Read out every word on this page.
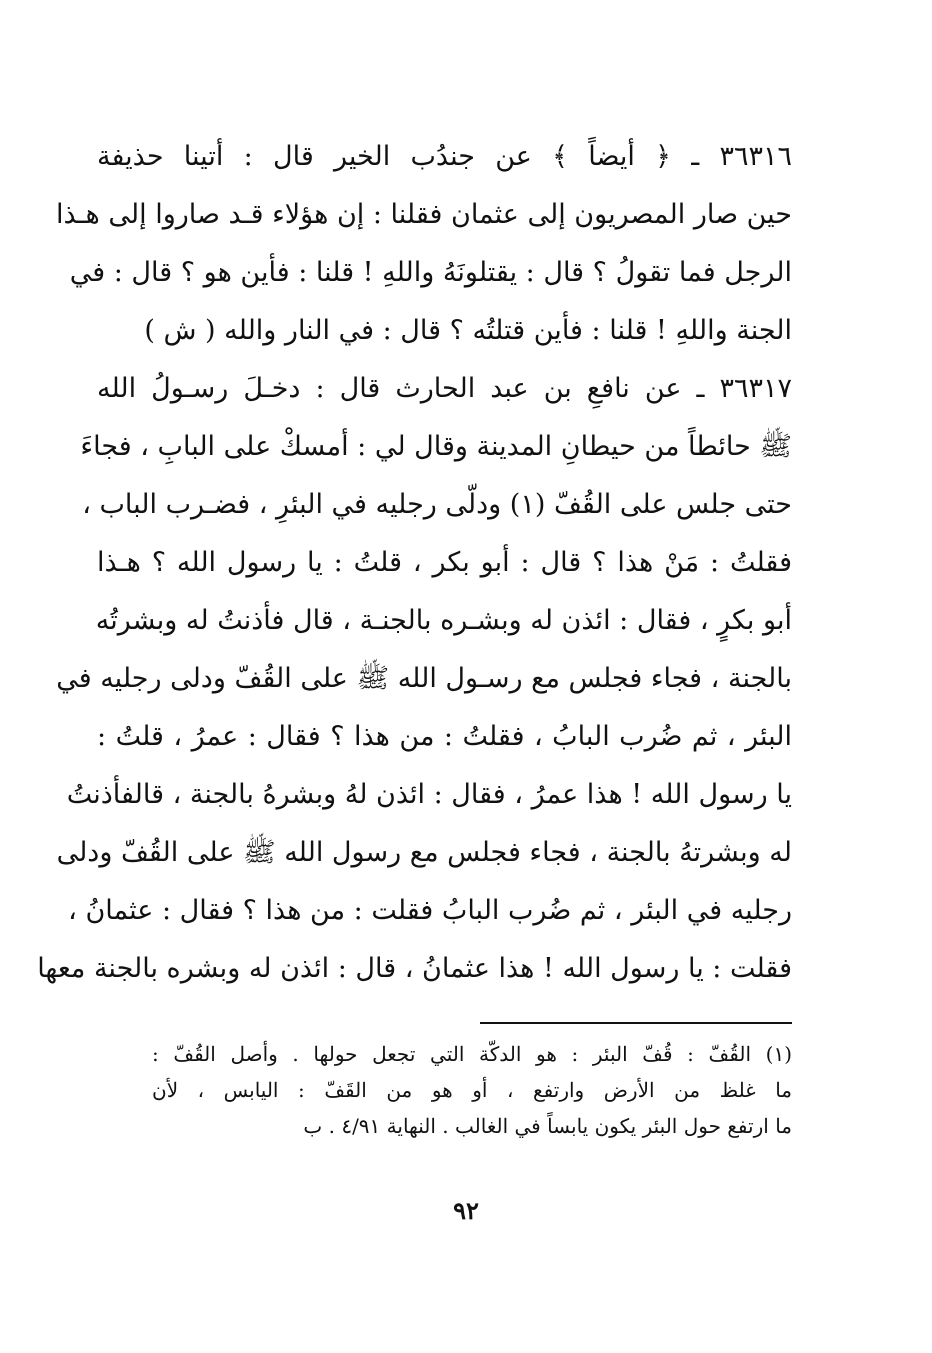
٣٦٣١٦ ـ ﴿ أيضاً ﴾ عن جندُب الخير قال : أتينا حذيفة
حين صار المصريون إلى عثمان فقلنا : إن هؤلاء قـد صاروا إلى هـذا
الرجل فما تقولُ ؟ قال : يقتلونَهُ واللهِ ! قلنا : فأين هو ؟ قال : في
الجنة واللهِ ! قلنا : فأين قتلتُه ؟ قال : في النار والله ( ش )
٣٦٣١٧ ـ عن نافعِ بن عبد الحارث قال : دخـلَ رسـولُ الله
ﷺ حائطاً من حيطانِ المدينة وقال لي : أمسكْ على البابِ ، فجاءَ
حتى جلس على القُفّ (١) ودلّى رجليه في البئرِ ، فضـرب الباب ،
فقلتُ : مَنْ هذا ؟ قال : أبو بكر ، قلتُ : يا رسول الله ؟ هـذا
أبو بكرٍ ، فقال : ائذن له وبشـره بالجنـة ، قال فأذنتُ له وبشرتُه
بالجنة ، فجاء فجلس مع رسـول الله ﷺ على القُفّ ودلى رجليه في
البئر ، ثم ضُرب البابُ ، فقلتُ : من هذا ؟ فقال : عمرُ ، قلتُ :
يا رسول الله ! هذا عمرُ ، فقال : ائذن لهُ وبشرهُ بالجنة ، قالفأذنتُ
له وبشرتهُ بالجنة ، فجاء فجلس مع رسول الله ﷺ على القُفّ ودلى
رجليه في البئر ، ثم ضُرب البابُ فقلت : من هذا ؟ فقال : عثمانُ ،
فقلت : يا رسول الله ! هذا عثمانُ ، قال : ائذن له وبشره بالجنة معها
(١) القُفّ : قُفّ البئر : هو الدكّة التي تجعل حولها . وأصل القُفّ :
ما غلظ من الأرض وارتفع ، أو هو من القَفّ : اليابس ، لأن
ما ارتفع حول البئر يكون يابساً في الغالب . النهاية ٤/٩١ . ب
٩٢
